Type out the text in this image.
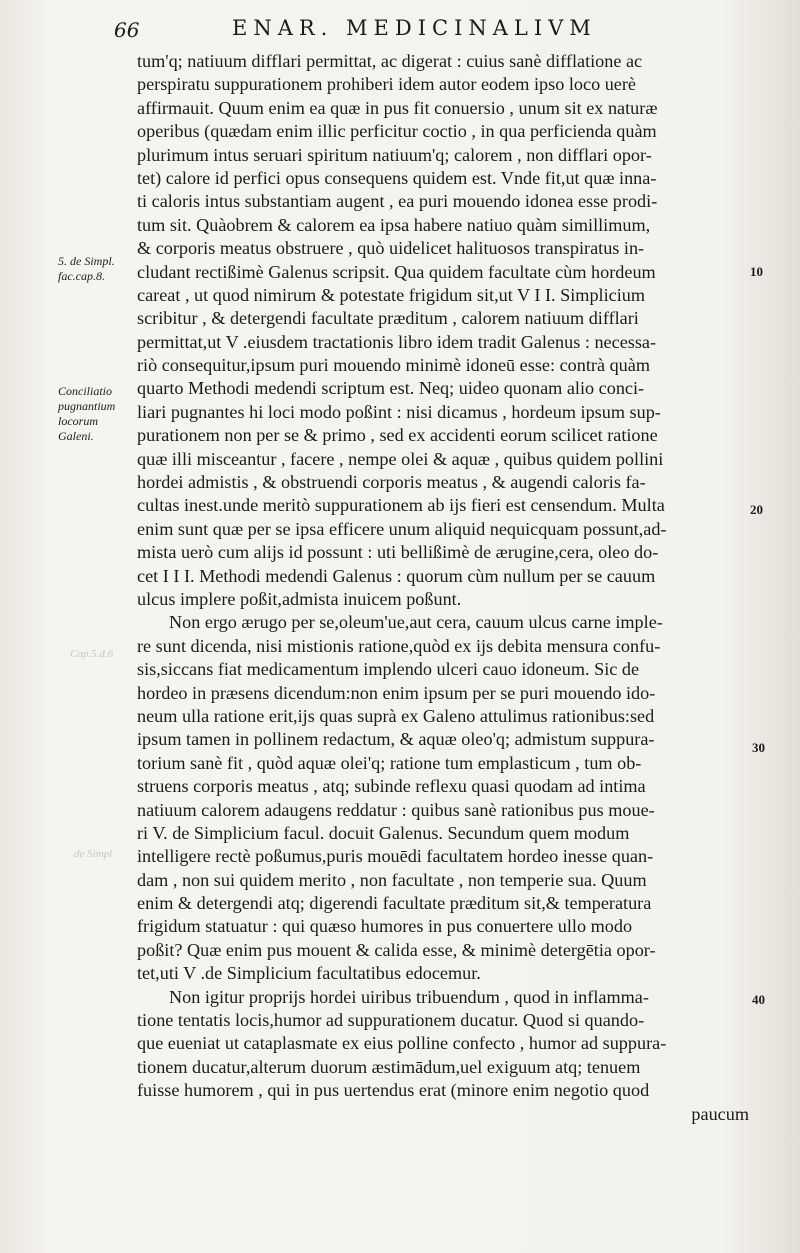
66	ENAR. MEDICINALIVM
5. de Simpl. fac.cap.8.
Conciliatio pugnantium locorum Galeni.
10
20
30
40
Cap.5.d.6
de Simpl
tum'q; natiuum difflari permittat, ac digerat : cuius sanè difflatione ac
perspiratu suppurationem prohiberi idem autor eodem ipso loco uerè
affirmauit. Quum enim ea quæ in pus fit conuersio , unum sit ex naturæ
operibus (quædam enim illic perficitur coctio , in qua perficienda quàm
plurimum intus seruari spiritum natiuum'q; calorem , non difflari opor-
tet) calore id perfici opus consequens quidem est. Vnde fit,ut quæ inna-
ti caloris intus substantiam augent , ea puri mouendo idonea esse prodi-
tum sit. Quàobrem & calorem ea ipsa habere natiuo quàm simillimum,
& corporis meatus obstruere , quò uidelicet halituosos transpiratus in-
cludant rectißimè Galenus scripsit. Qua quidem facultate cùm hordeum
careat , ut quod nimirum & potestate frigidum sit,ut V I I. Simplicium
scribitur , & detergendi facultate præditum , calorem natiuum difflari
permittat,ut V .eiusdem tractationis libro idem tradit Galenus : necessa-
riò consequitur,ipsum puri mouendo minimè idoneū esse: contrà quàm
quarto Methodi medendi scriptum est. Neq; uideo quonam alio conci-
liari pugnantes hi loci modo poßint : nisi dicamus , hordeum ipsum sup-
purationem non per se & primo , sed ex accidenti eorum scilicet ratione
quæ illi misceantur , facere , nempe olei & aquæ , quibus quidem pollini
hordei admistis , & obstruendi corporis meatus , & augendi caloris fa-
cultas inest.unde meritò suppurationem ab ijs fieri est censendum. Multa
enim sunt quæ per se ipsa efficere unum aliquid nequicquam possunt,ad-
mista uerò cum alijs id possunt : uti bellißimè de ærugine,cera, oleo do-
cet I I I. Methodi medendi Galenus : quorum cùm nullum per se cauum
ulcus implere poßit,admista inuicem poßunt.
Non ergo ærugo per se,oleum'ue,aut cera, cauum ulcus carne imple-
re sunt dicenda, nisi mistionis ratione,quòd ex ijs debita mensura confu-
sis,siccans fiat medicamentum implendo ulceri cauo idoneum. Sic de
hordeo in præsens dicendum:non enim ipsum per se puri mouendo ido-
neum ulla ratione erit,ijs quas suprà ex Galeno attulimus rationibus:sed
ipsum tamen in pollinem redactum, & aquæ oleo'q; admistum suppura-
torium sanè fit , quòd aquæ olei'q; ratione tum emplasticum , tum ob-
struens corporis meatus , atq; subinde reflexu quasi quodam ad intima
natiuum calorem adaugens reddatur : quibus sanè rationibus pus moue-
ri V. de Simplicium facul. docuit Galenus. Secundum quem modum
intelligere rectè poßumus,puris mouēdi facultatem hordeo inesse quan-
dam , non sui quidem merito , non facultate , non temperie sua. Quum
enim & detergendi atq; digerendi facultate præditum sit,& temperatura
frigidum statuatur : qui quæso humores in pus conuertere ullo modo
poßit? Quæ enim pus mouent & calida esse, & minimè detergētia opor-
tet,uti V .de Simplicium facultatibus edocemur.
Non igitur proprijs hordei uiribus tribuendum , quod in inflamma-
tione tentatis locis,humor ad suppurationem ducatur. Quod si quando-
que eueniat ut cataplasmate ex eius polline confecto , humor ad suppura-
tionem ducatur,alterum duorum æstimādum,uel exiguum atq; tenuem
fuisse humorem , qui in pus uertendus erat (minore enim negotio quod
paucum
